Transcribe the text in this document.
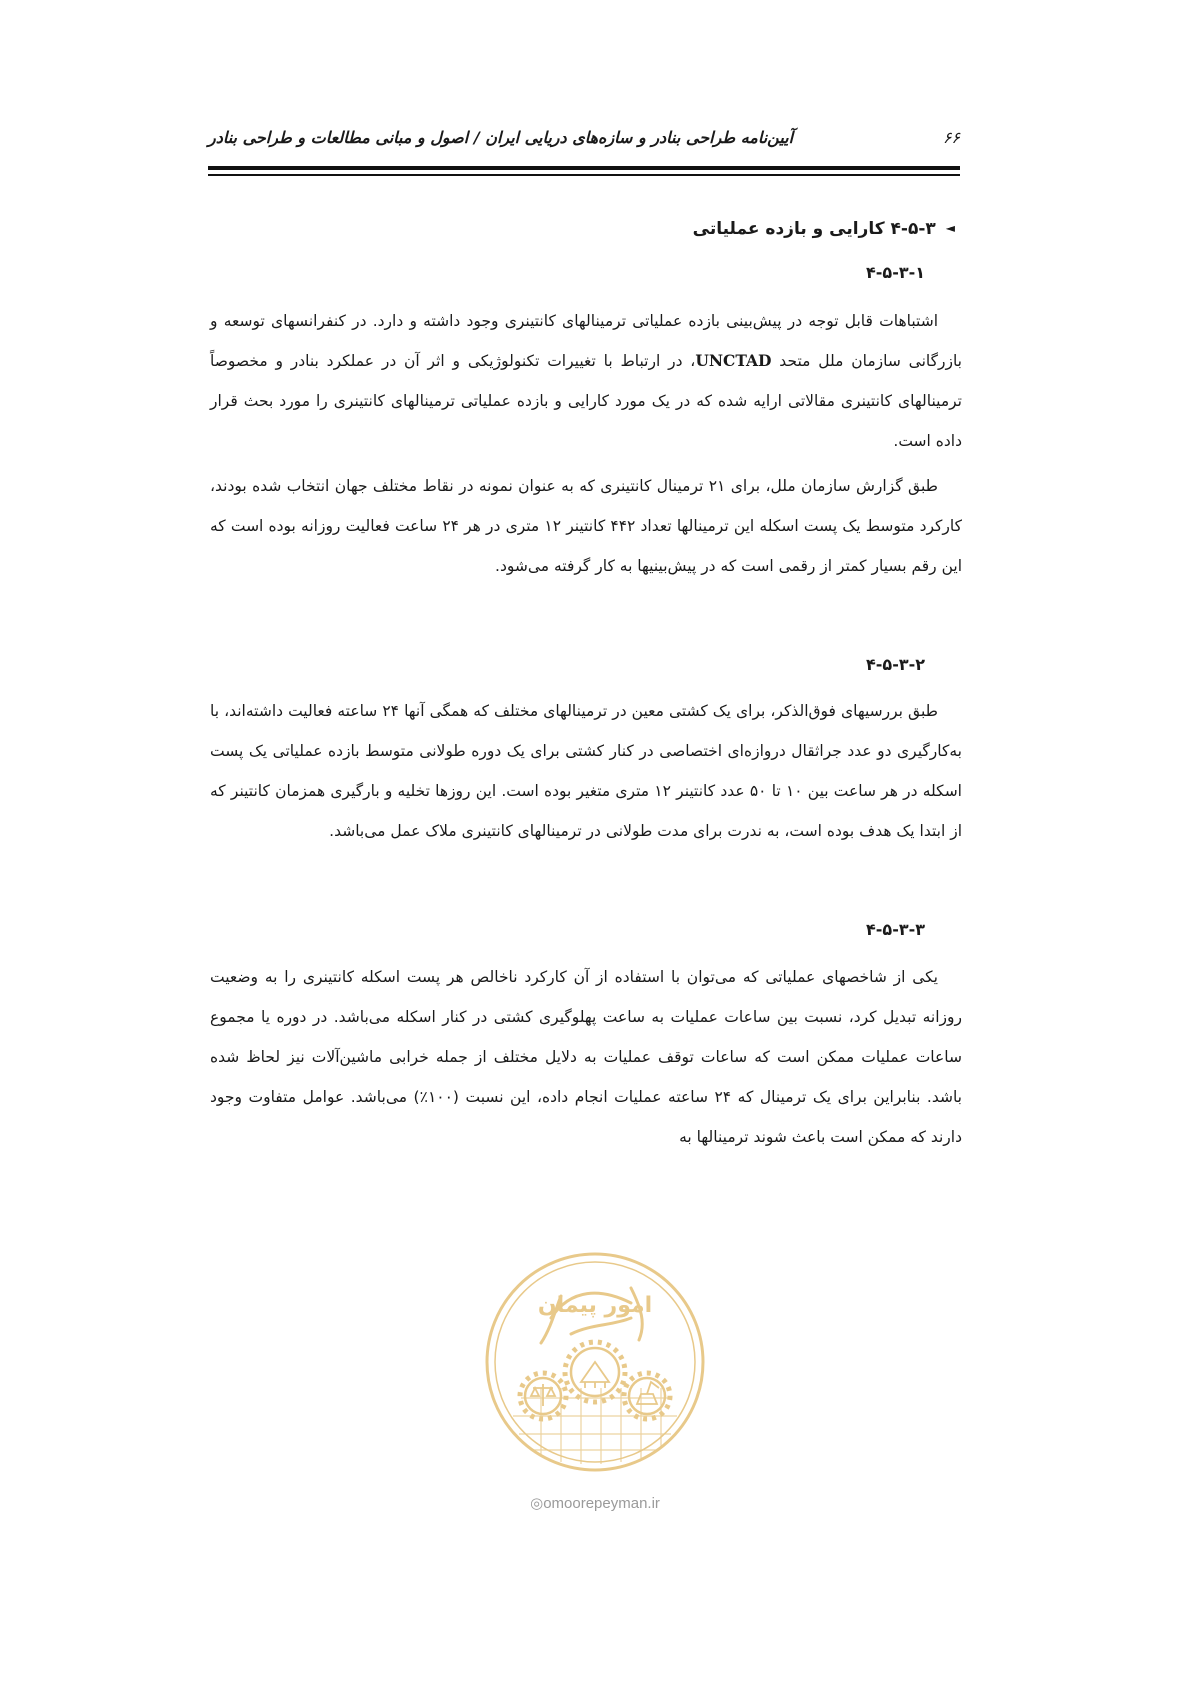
آیین‌نامه طراحی بنادر و سازه‌های دریایی ایران / اصول و مبانی مطالعات و طراحی بنادر	۶۶
◄۴-۵-۳ کارایی و بازده عملیاتی
۴-۵-۳-۱

اشتباهات قابل توجه در پیش‌بینی بازده عملیاتی ترمینالهای کانتینری وجود داشته و دارد. در کنفرانسهای توسعه و بازرگانی سازمان ملل متحد UNCTAD، در ارتباط با تغییرات تکنولوژیکی و اثر آن در عملکرد بنادر و مخصوصاً ترمینالهای کانتینری مقالاتی ارایه شده که در یک مورد کارایی و بازده عملیاتی ترمینالهای کانتینری را مورد بحث قرار داده است.

طبق گزارش سازمان ملل، برای ۲۱ ترمینال کانتینری که به عنوان نمونه در نقاط مختلف جهان انتخاب شده بودند، کارکرد متوسط یک پست اسکله این ترمینالها تعداد ۴۴۲ کانتینر ۱۲ متری در هر ۲۴ ساعت فعالیت روزانه بوده است که این رقم بسیار کمتر از رقمی است که در پیش‌بینیها به کار گرفته می‌شود.

۴-۵-۳-۲

طبق بررسیهای فوق‌الذکر، برای یک کشتی معین در ترمینالهای مختلف که همگی آنها ۲۴ ساعته فعالیت داشته‌اند، با به‌کارگیری دو عدد جراثقال دروازه‌ای اختصاصی در کنار کشتی برای یک دوره طولانی متوسط بازده عملیاتی یک پست اسکله در هر ساعت بین ۱۰ تا ۵۰ عدد کانتینر ۱۲ متری متغیر بوده است. این روزها تخلیه و بارگیری همزمان کانتینر که از ابتدا یک هدف بوده است، به ندرت برای مدت طولانی در ترمینالهای کانتینری ملاک عمل می‌باشد.

۴-۵-۳-۳

یکی از شاخصهای عملیاتی که می‌توان با استفاده از آن کارکرد ناخالص هر پست اسکله کانتینری را به وضعیت روزانه تبدیل کرد، نسبت بین ساعات عملیات به ساعت پهلوگیری کشتی در کنار اسکله می‌باشد. در دوره یا مجموع ساعات عملیات ممکن است که ساعات توقف عملیات به دلایل مختلف از جمله خرابی ماشین‌آلات نیز لحاظ شده باشد. بنابراین برای یک ترمینال که ۲۴ ساعته عملیات انجام داده، این نسبت (۱۰۰٪) می‌باشد. عوامل متفاوت وجود دارند که ممکن است باعث شوند ترمینالها به

امور پیمان
◎omoorepeyman.ir
